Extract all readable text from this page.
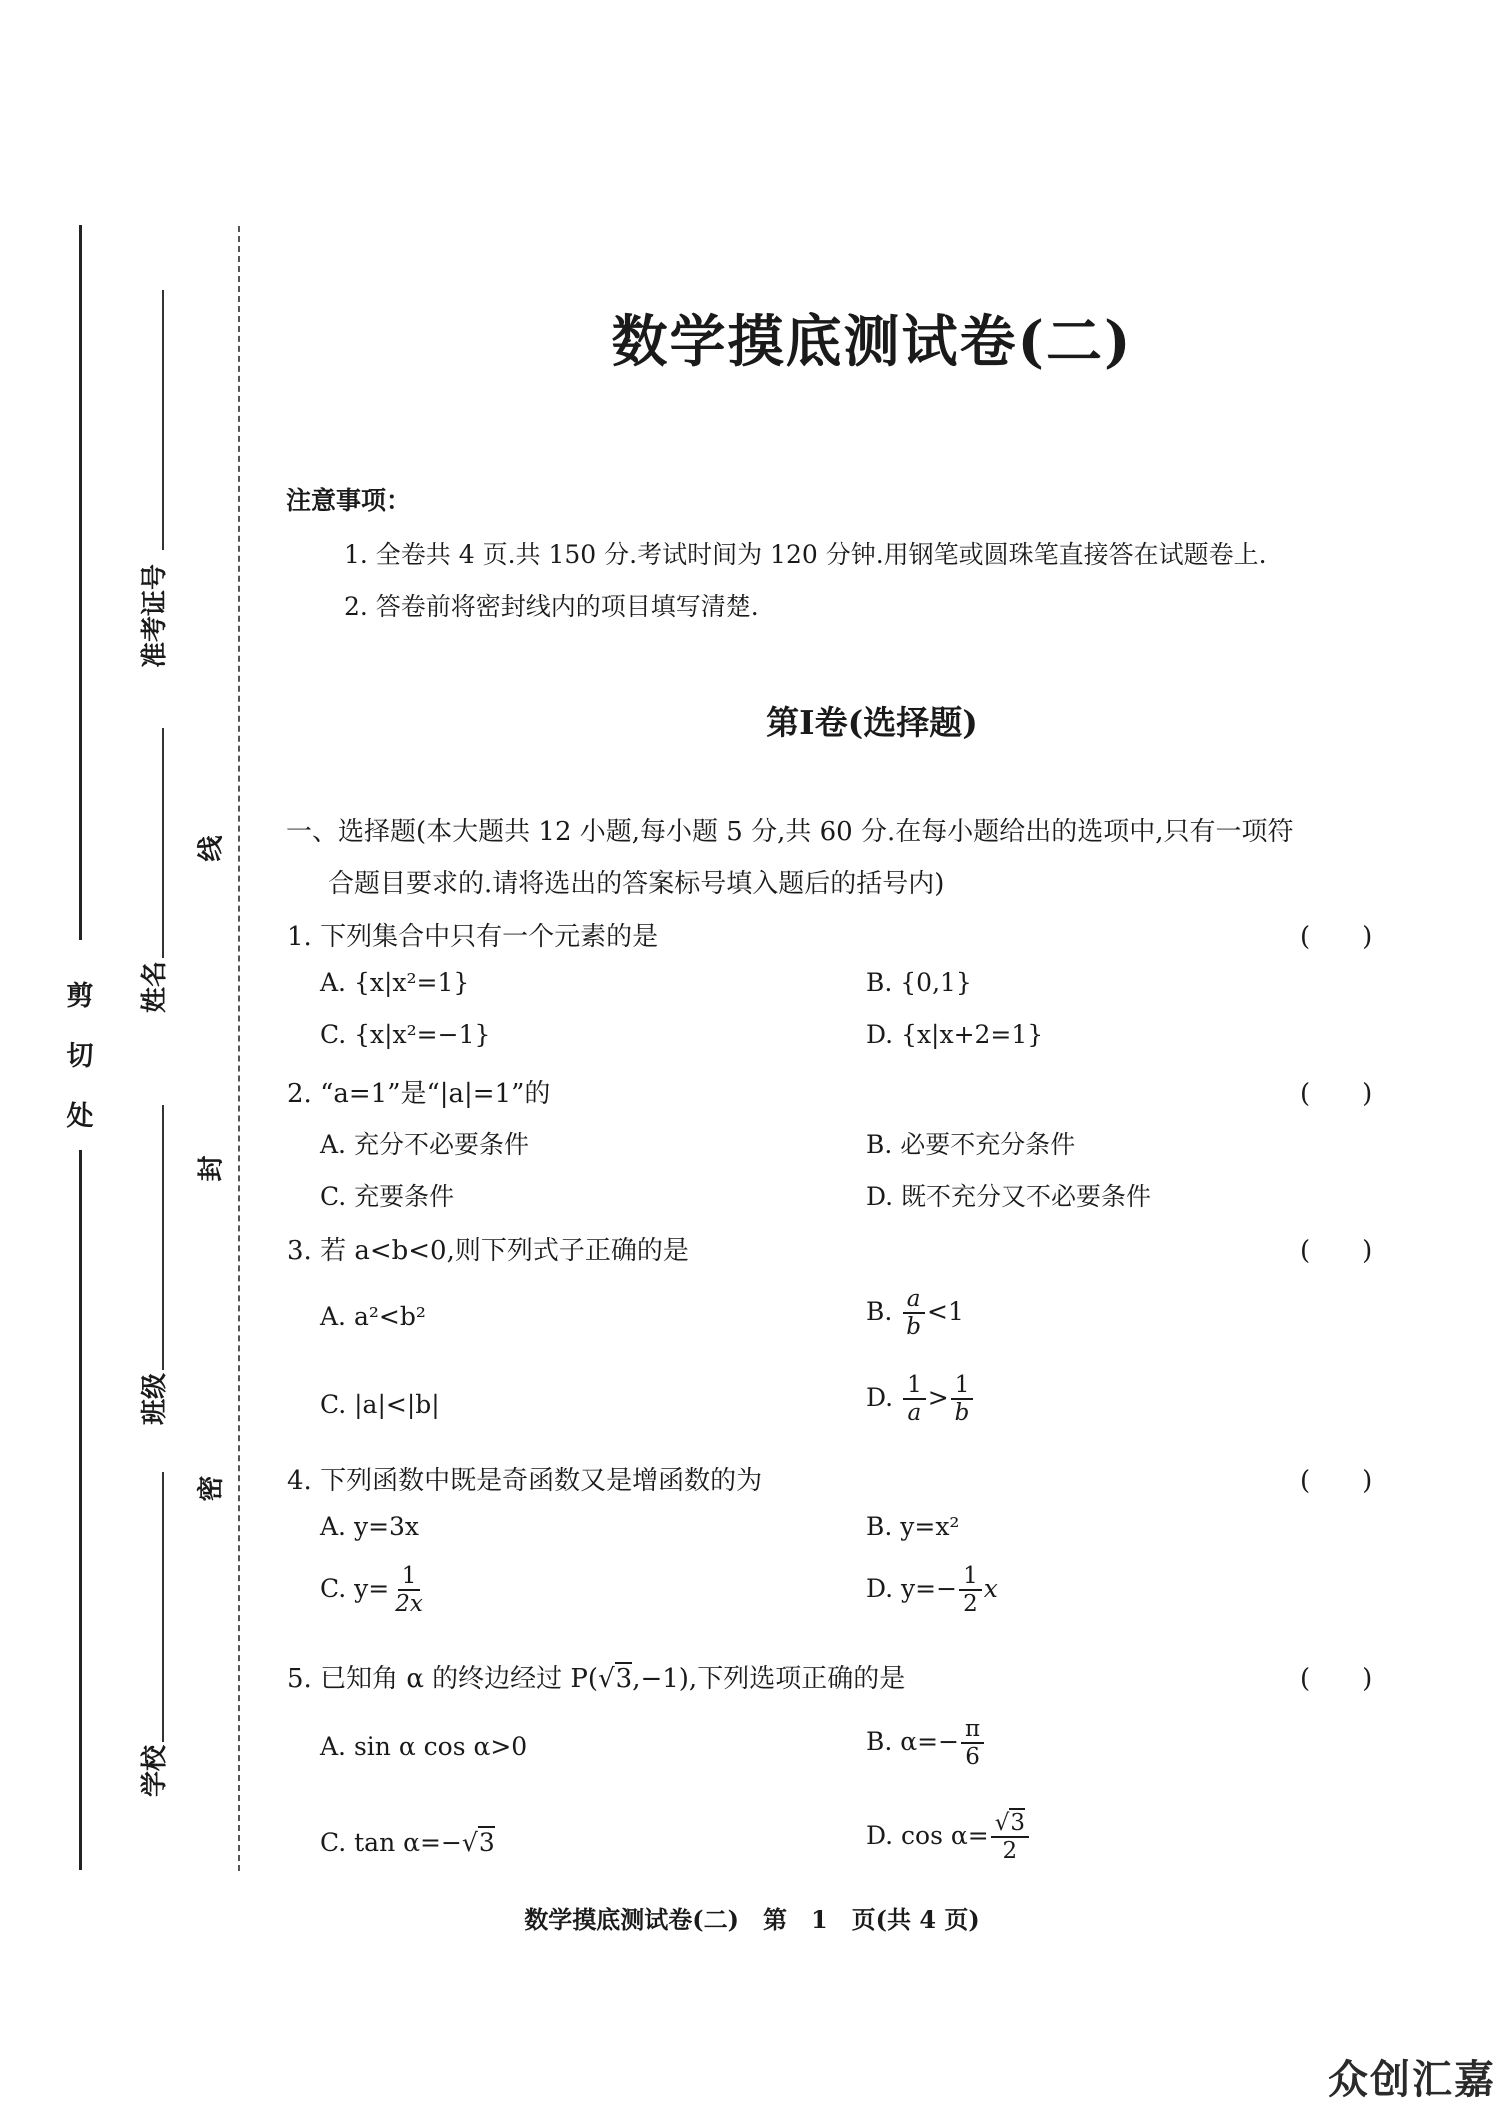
剪
切
处
准考证号
姓名
班级
学校
线
封
密
数学摸底测试卷(二)
注意事项：
1. 全卷共 4 页.共 150 分.考试时间为 120 分钟.用钢笔或圆珠笔直接答在试题卷上.
2. 答卷前将密封线内的项目填写清楚.
第Ⅰ卷(选择题)
一、选择题(本大题共 12 小题,每小题 5 分,共 60 分.在每小题给出的选项中,只有一项符
合题目要求的.请将选出的答案标号填入题后的括号内)
1. 下列集合中只有一个元素的是	(　　)
A. {x|x²=1}	B. {0,1}
C. {x|x²=−1}	D. {x|x+2=1}
2. “a=1”是“|a|=1”的	(　　)
A. 充分不必要条件	B. 必要不充分条件
C. 充要条件	D. 既不充分又不必要条件
3. 若 a<b<0,则下列式子正确的是	(　　)
A. a²<b²	B. $\frac{a}{b} <1$
C. |a|<|b|	D. $\frac{1}{a} > \frac{1}{b}$
4. 下列函数中既是奇函数又是增函数的为	(　　)
A. y=3x	B. y=x²
C. $y= \frac{1}{2x}$	D. $y=- \frac{1}{2}$ x
5. 已知角 α 的终边经过 P(√3,−1),下列选项正确的是	(　　)
A. sin α cos α>0	B. $\alpha=- \frac{\pi}{6}$
C. tan α=−√3	D. $\cos \alpha= \frac{√3}{2}$
数学摸底测试卷(二)　第　1　页(共 4 页)
众创汇嘉
